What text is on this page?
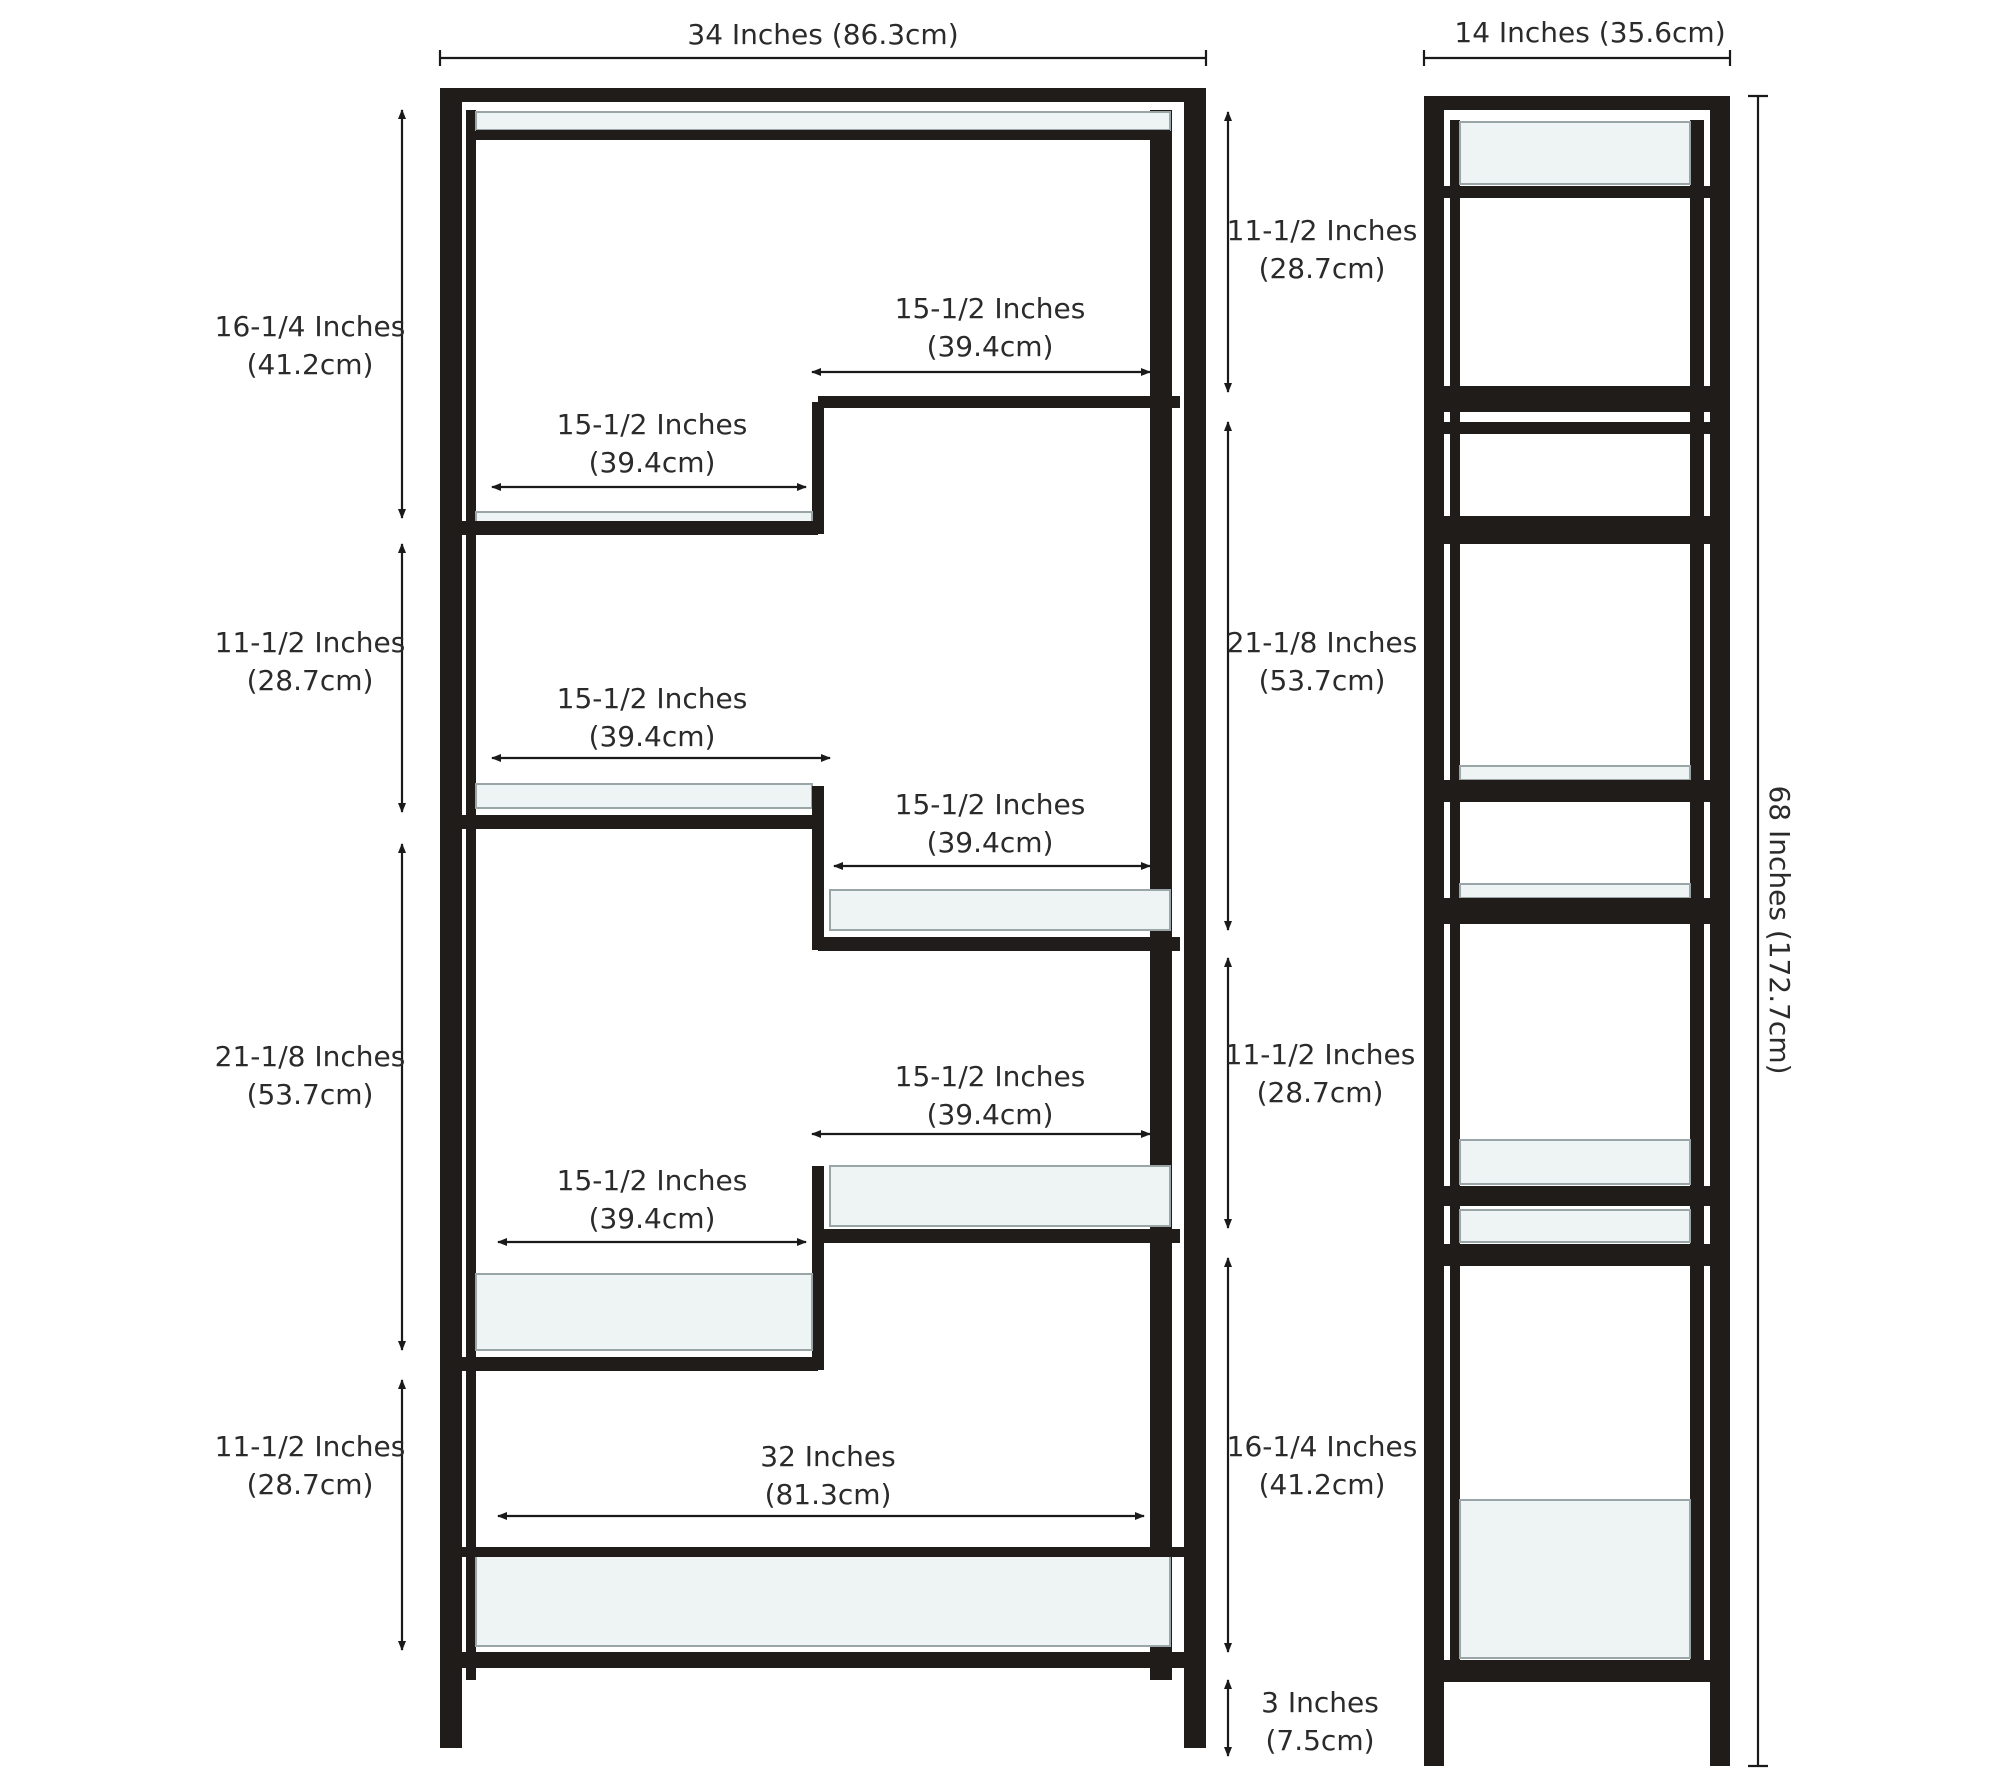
34 Inches (86.3cm)	14 Inches (35.6cm)
68 Inches (172.7cm)
16-1/4 Inches
(41.2cm)
11-1/2 Inches
(28.7cm)
21-1/8 Inches
(53.7cm)
11-1/2 Inches
(28.7cm)
11-1/2 Inches
(28.7cm)
21-1/8 Inches
(53.7cm)
11-1/2 Inches
(28.7cm)
16-1/4 Inches
(41.2cm)
3 Inches
(7.5cm)
15-1/2 Inches
(39.4cm)
15-1/2 Inches
(39.4cm)
15-1/2 Inches
(39.4cm)
15-1/2 Inches
(39.4cm)
15-1/2 Inches
(39.4cm)
15-1/2 Inches
(39.4cm)
32 Inches
(81.3cm)
